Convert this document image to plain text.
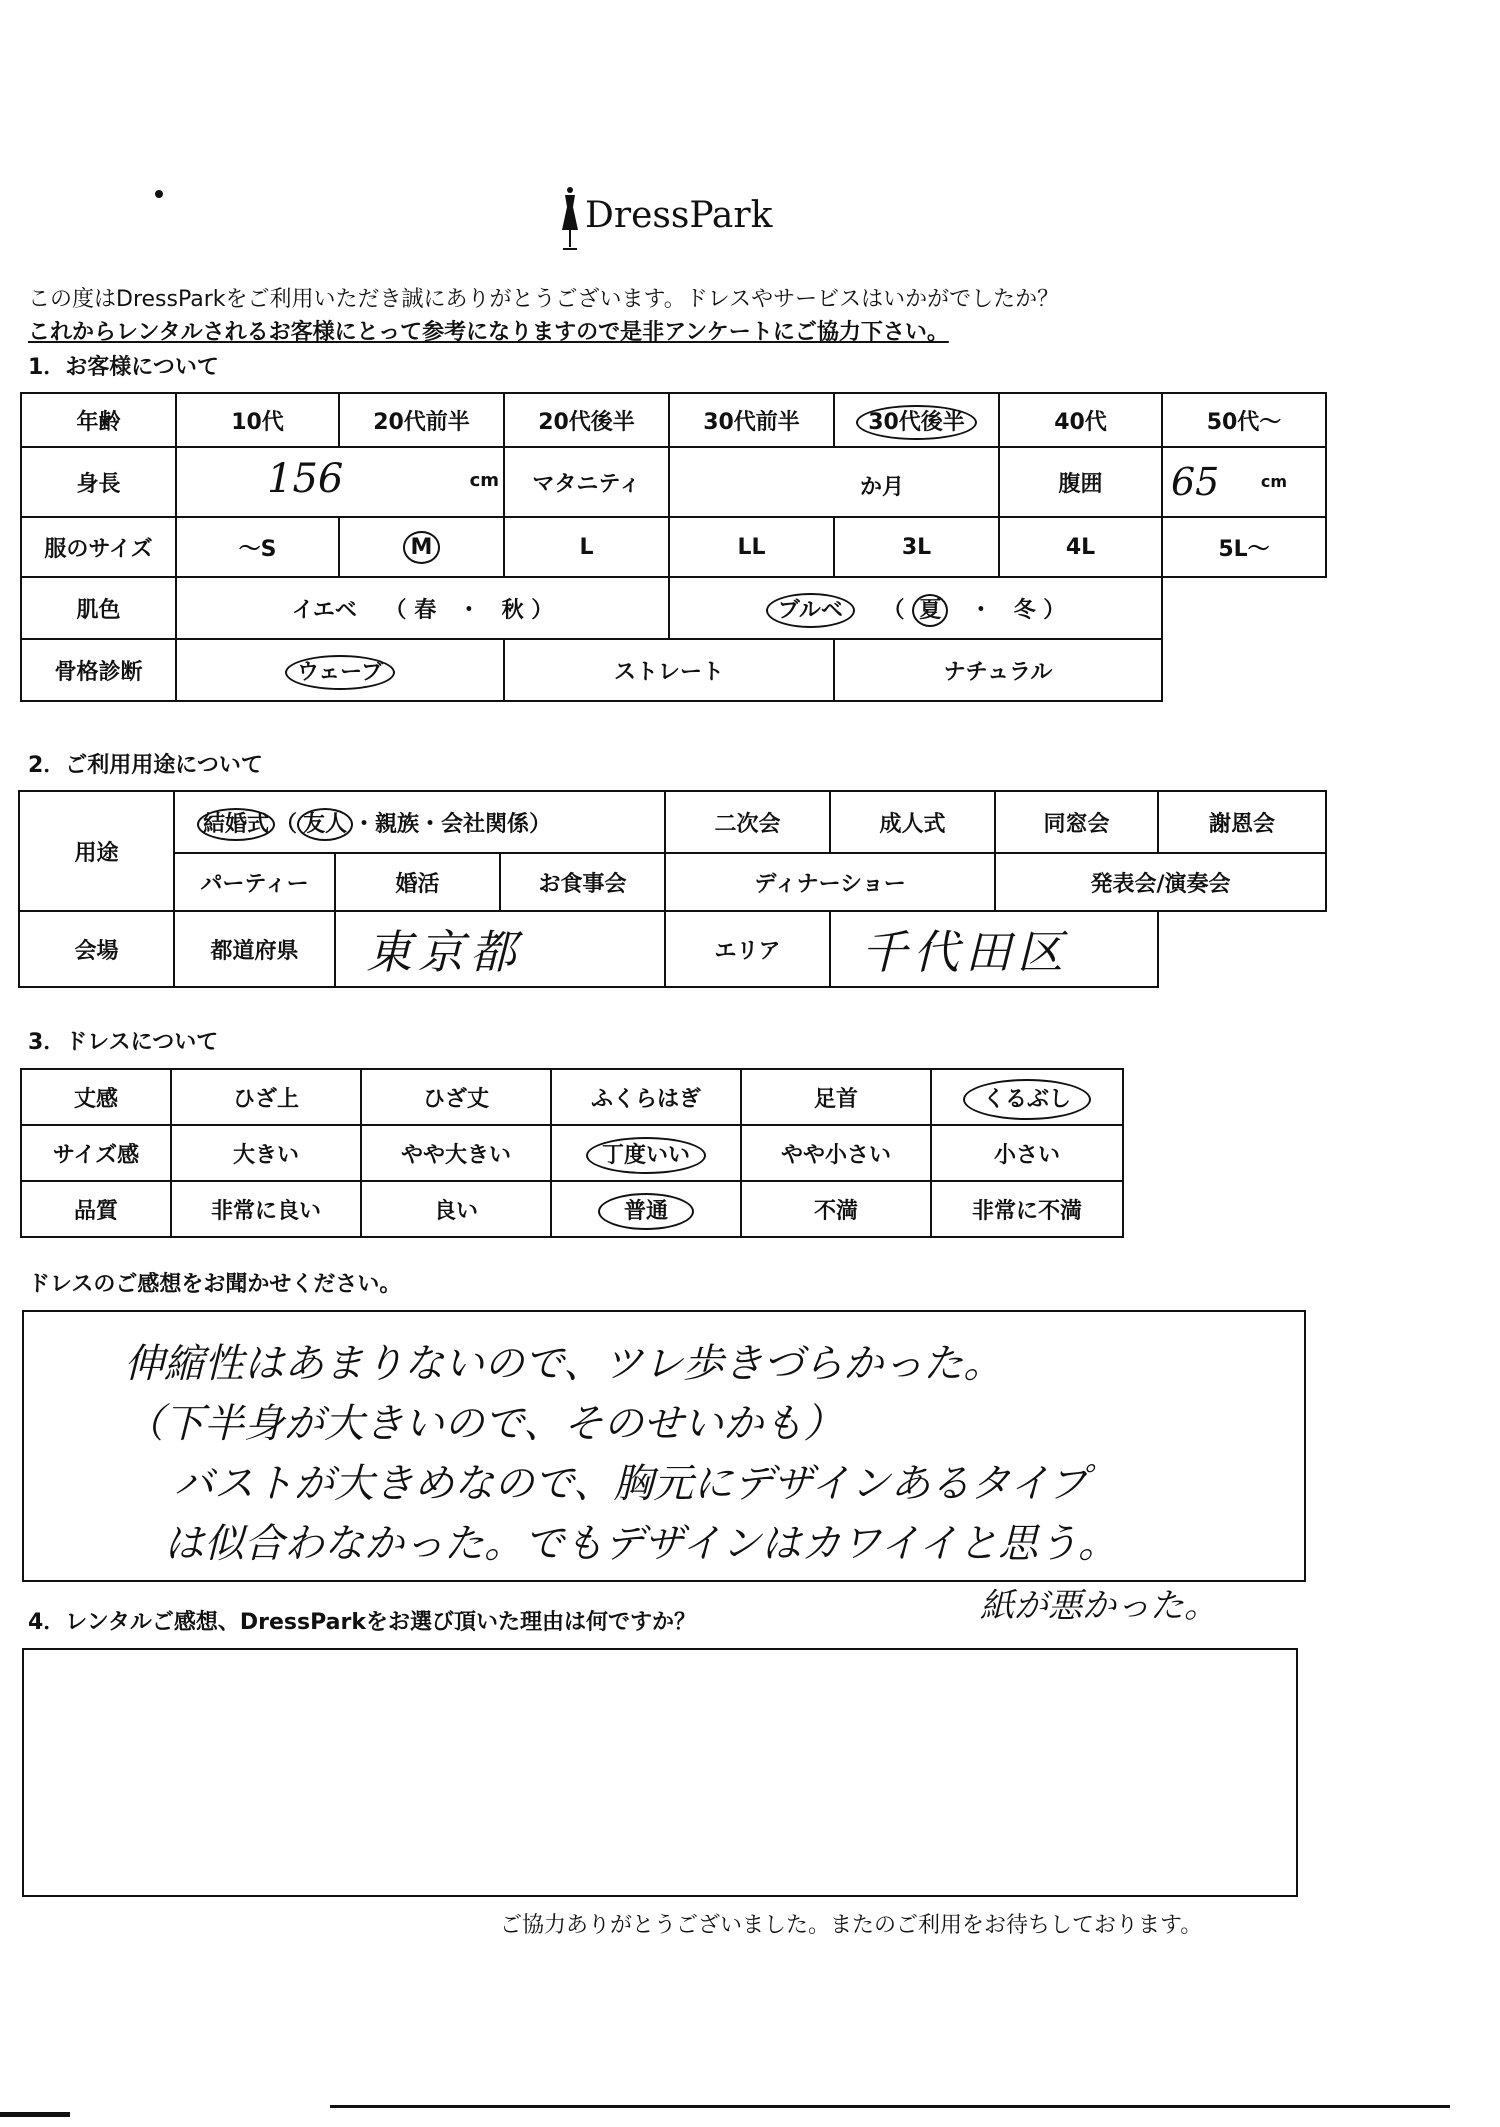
DressPark
この度はDressParkをご利用いただき誠にありがとうございます。ドレスやサービスはいかがでしたか？
これからレンタルされるお客様にとって参考になりますので是非アンケートにご協力下さい。
1．お客様について
年齢	10代	20代前半	20代後半	30代前半	30代後半	40代	50代～
身長	156 cm		マタニティ	か月		腹囲	65 cm

服のサイズ	～S	M	L	LL	3L	4L	5L～
肌色	イエベ （ 春 ・ 秋 ）			ブルベ （ 夏 ・ 冬 ）			
骨格診断	ウェーブ		ストレート		ナチュラル		
2．ご利用用途について
用途	結婚式 （ 友人 ・親族・会社関係）			二次会	成人式	同窓会	謝恩会
	パーティー	婚活	お食事会	ディナーショー		発表会/演奏会	
会場	都道府県	東京都		エリア	千代田区		
3．ドレスについて
丈感	ひざ上	ひざ丈	ふくらはぎ	足首	くるぶし
サイズ感	大きい	やや大きい	丁度いい	やや小さい	小さい
品質	非常に良い	良い	普通	不満	非常に不満
ドレスのご感想をお聞かせください。
伸縮性はあまりないので、ツレ歩きづらかった。
（下半身が大きいので、そのせいかも）
バストが大きめなので、胸元にデザインあるタイプ
は似合わなかった。でもデザインはカワイイと思う。
紙が悪かった。
4．レンタルご感想、DressParkをお選び頂いた理由は何ですか？
ご協力ありがとうございました。またのご利用をお待ちしております。
